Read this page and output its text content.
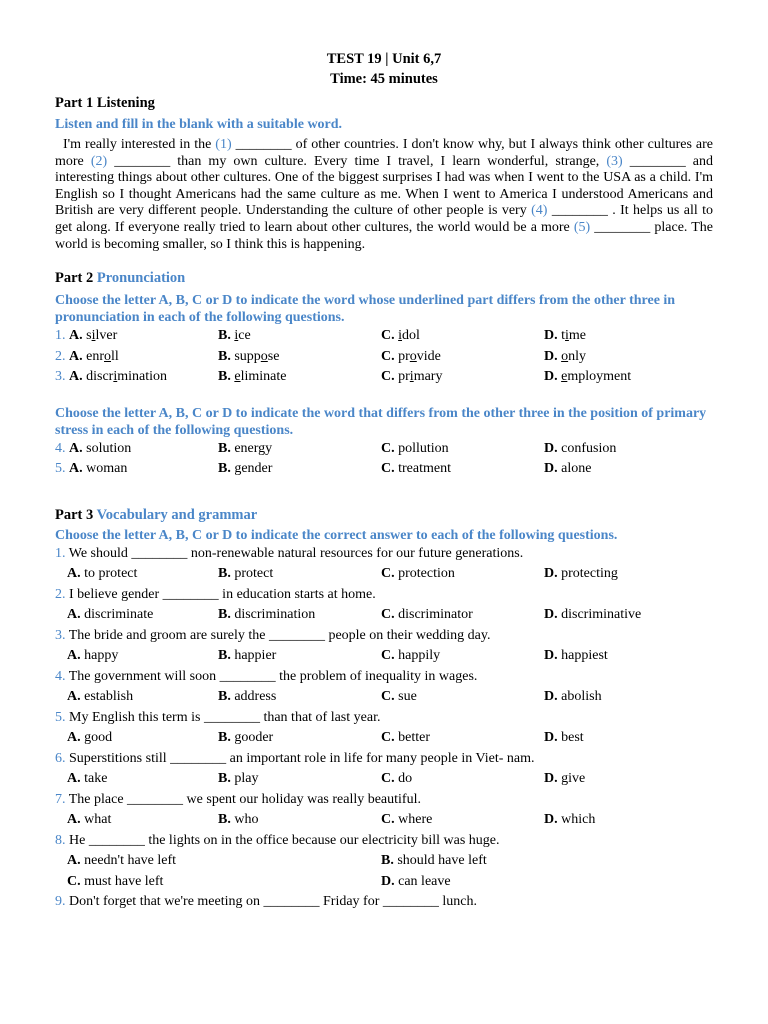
TEST 19 | Unit 6,7
Time: 45 minutes
Part 1 Listening
Listen and fill in the blank with a suitable word.
I'm really interested in the (1) ________ of other countries. I don't know why, but I always think other cultures are more (2) ________ than my own culture. Every time I travel, I learn wonderful, strange, (3) ________ and interesting things about other cultures. One of the biggest surprises I had was when I went to the USA as a child. I'm English so I thought Americans had the same culture as me. When I went to America I understood Americans and British are very different people. Understanding the culture of other people is very (4) ________ . It helps us all to get along. If everyone really tried to learn about other cultures, the world would be a more (5) ________ place. The world is becoming smaller, so I think this is happening.
Part 2 Pronunciation
Choose the letter A, B, C or D to indicate the word whose underlined part differs from the other three in pronunciation in each of the following questions.
1. A. silver	B. ice	C. idol	D. time
2. A. enroll	B. suppose	C. provide	D. only
3. A. discrimination	B. eliminate	C. primary	D. employment
Choose the letter A, B, C or D to indicate the word that differs from the other three in the position of primary stress in each of the following questions.
4. A. solution	B. energy	C. pollution	D. confusion
5. A. woman	B. gender	C. treatment	D. alone
Part 3 Vocabulary and grammar
Choose the letter A, B, C or D to indicate the correct answer to each of the following questions.
1. We should ________ non-renewable natural resources for our future generations.
A. to protect	B. protect	C. protection	D. protecting
2. I believe gender ________ in education starts at home.
A. discriminate	B. discrimination	C. discriminator	D. discriminative
3. The bride and groom are surely the ________ people on their wedding day.
A. happy	B. happier	C. happily	D. happiest
4. The government will soon ________ the problem of inequality in wages.
A. establish	B. address	C. sue	D. abolish
5. My English this term is ________ than that of last year.
A. good	B. gooder	C. better	D. best
6. Superstitions still ________ an important role in life for many people in Viet- nam.
A. take	B. play	C. do	D. give
7. The place ________ we spent our holiday was really beautiful.
A. what	B. who	C. where	D. which
8. He ________ the lights on in the office because our electricity bill was huge.
A. needn't have left	B. should have left
C. must have left	D. can leave
9. Don't forget that we're meeting on ________ Friday for ________ lunch.
